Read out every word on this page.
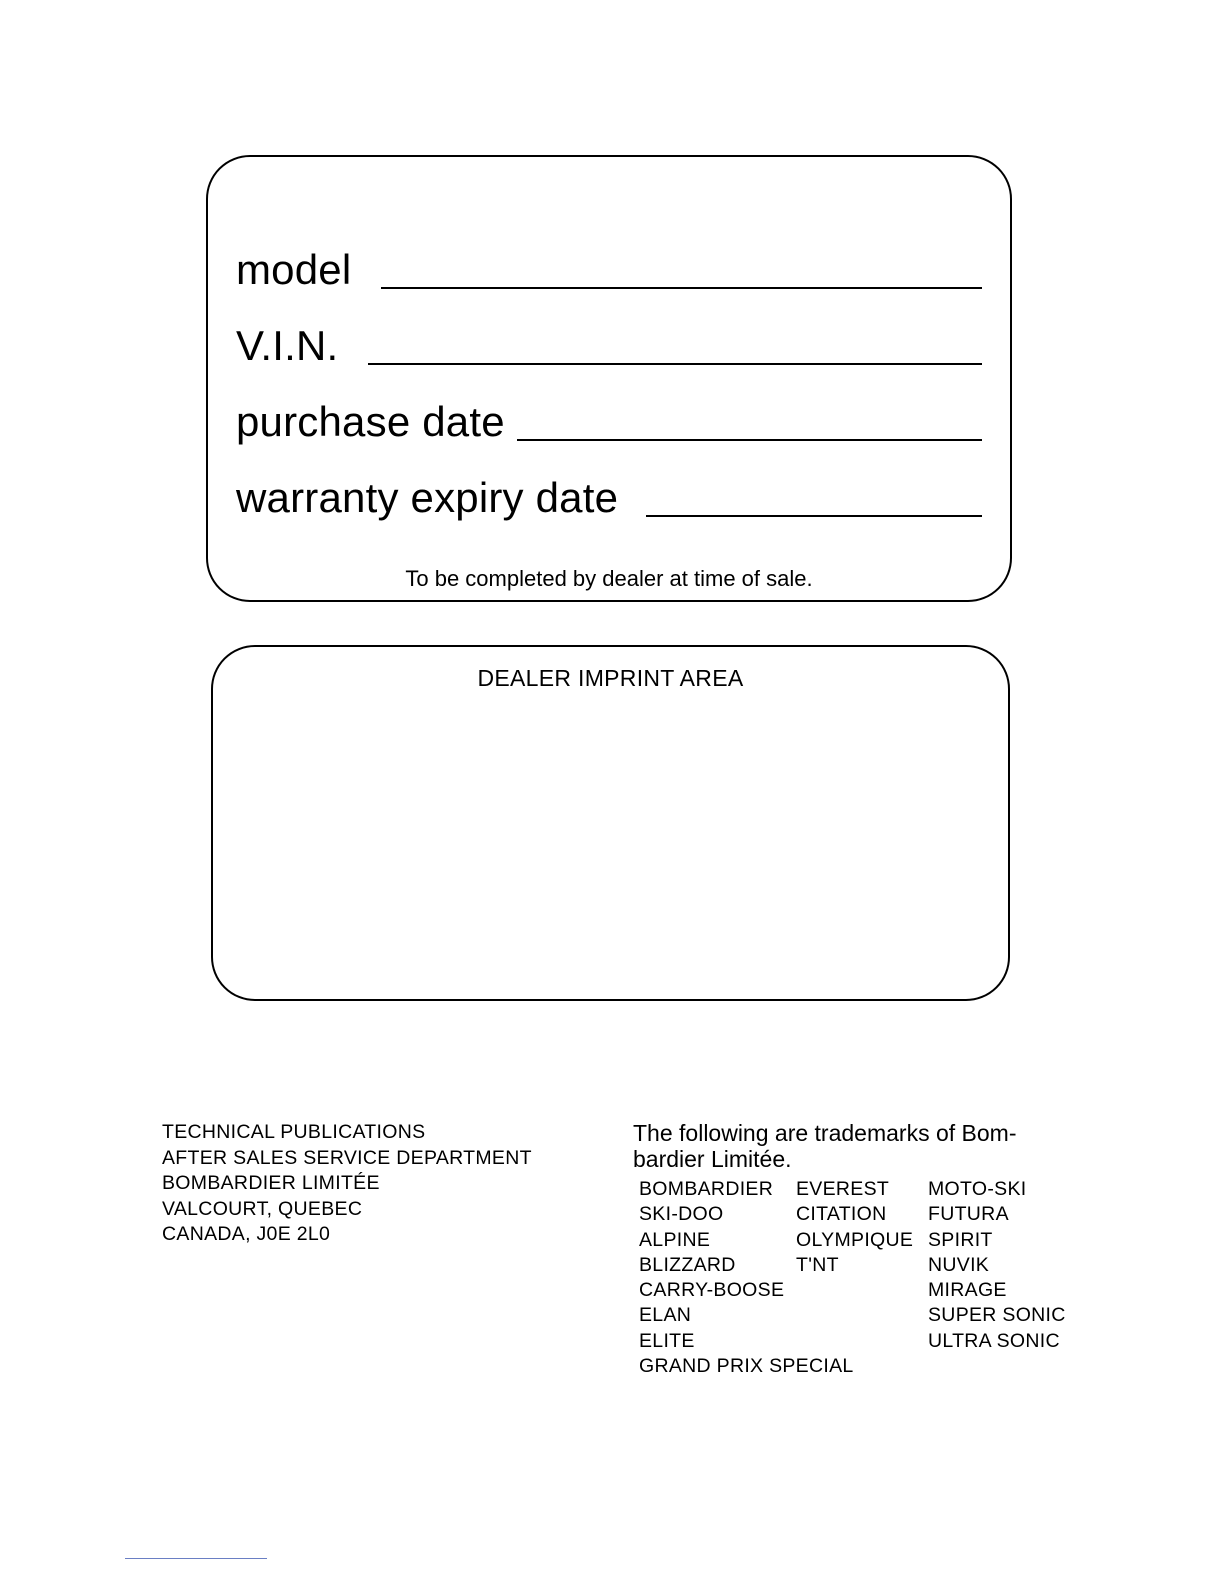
model
V.I.N.
purchase date
warranty expiry date
To be completed by dealer at time of sale.
DEALER IMPRINT AREA
TECHNICAL PUBLICATIONS
AFTER SALES SERVICE DEPARTMENT
BOMBARDIER LIMITÉE
VALCOURT, QUEBEC
CANADA, J0E 2L0
The following are trademarks of Bom-
bardier Limitée.
BOMBARDIER
SKI-DOO
ALPINE
BLIZZARD
CARRY-BOOSE
ELAN
ELITE
GRAND PRIX SPECIAL
EVEREST
CITATION
OLYMPIQUE
T'NT
MOTO-SKI
FUTURA
SPIRIT
NUVIK
MIRAGE
SUPER SONIC
ULTRA SONIC
